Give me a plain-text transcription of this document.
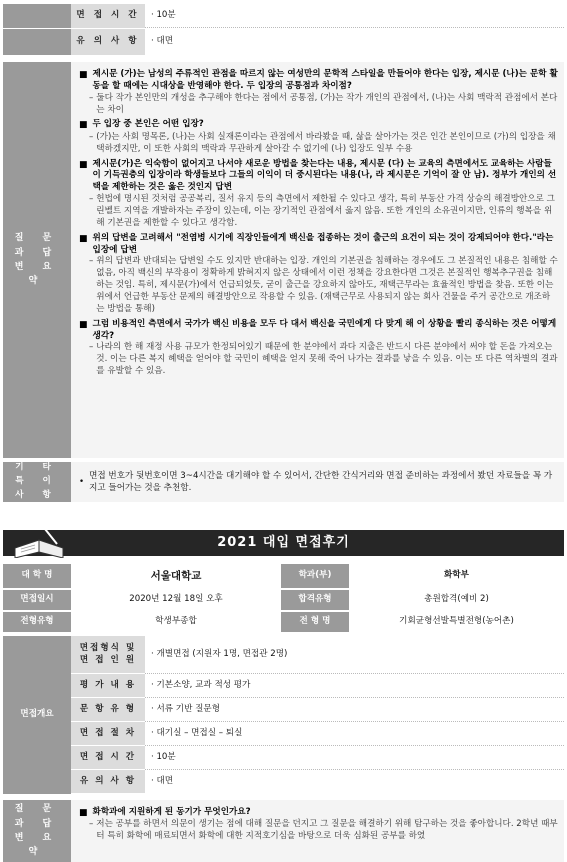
면 접 시 간	· 10분
유 의 사 항	· 대면
질 문 과 답 변 요 약
■ 제시문 (가)는 남성의 주류적인 관점을 따르지 않는 여성만의 문학적 스타일을 만들어야 한다는 입장, 제시문 (나)는 문학 활동을 할 때에는 시대상을 반영해야 한다. 두 입장의 공통점과 차이점?
– 둘다 작가 본인만의 개성을 추구해야 한다는 점에서 공통점, (가)는 작가 개인의 관점에서, (나)는 사회 맥락적 관점에서 본다는 차이
■ 두 입장 중 본인은 어떤 입장?
– (가)는 사회 명목론, (나)는 사회 실재론이라는 관점에서 바라봤을 때, 삶을 살아가는 것은 인간 본인이므로 (가)의 입장을 채택하겠지만, 이 또한 사회의 맥락과 무관하게 살아갈 수 없기에 (나) 입장도 일부 수용
■ 제시문(가)은 익숙함이 없어지고 나서야 새로운 방법을 찾는다는 내용, 제시문 (다) 는 교육의 측면에서도 교육하는 사람들이 기득권층의 입장이라 학생들보다 그들의 이익이 더 중시된다는 내용(나, 라 제시문은 기억이 잘 안 남). 정부가 개인의 선택을 제한하는 것은 옳은 것인지 답변
– 헌법에 명시된 것처럼 공공복리, 질서 유지 등의 측면에서 제한될 수 있다고 생각, 특히 부동산 가격 상승의 해결방안으로 그린벨트 지역을 개발하자는 주장이 있는데, 이는 장기적인 관점에서 옳지 않음. 또한 개인의 소유권이지만, 인류의 행복을 위해 기본권을 제한할 수 있다고 생각함.
■ 위의 답변을 고려해서 "전염병 시기에 직장인들에게 백신을 접종하는 것이 출근의 요건이 되는 것이 강제되어야 한다."라는 입장에 답변
– 위의 답변과 반대되는 답변일 수도 있지만 반대하는 입장. 개인의 기본권을 침해하는 경우에도 그 본질적인 내용은 침해할 수 없음, 아직 백신의 부작용이 정확하게 밝혀지지 않은 상태에서 이런 정책을 강요한다면 그것은 본질적인 행복추구권을 침해하는 것임. 특히, 제시문(가)에서 언급되었듯, 굳이 출근을 강요하지 않아도, 재택근무라는 효율적인 방법을 찾음. 또한 이는 위에서 언급한 부동산 문제의 해결방안으로 작용할 수 있음. (재택근무로 사용되지 않는 회사 건물을 주거 공간으로 개조하는 방법을 통해)
■ 그럼 비용적인 측면에서 국가가 백신 비용을 모두 다 대서 백신을 국민에게 다 맞게 해 이 상황을 빨리 종식하는 것은 어떻게 생각?
– 나라의 한 해 재정 사용 규모가 한정되어있기 때문에 한 분야에서 과다 지출은 반드시 다른 분야에서 써야 할 돈을 가져오는 것. 이는 다른 복지 혜택을 얻어야 할 국민이 혜택을 얻지 못해 죽어 나가는 결과를 낳을 수 있음. 이는 또 다른 역차별의 결과를 유발할 수 있음.
기 타 특 이 사 항
•
면접 번호가 뒷번호이면 3~4시간을 대기해야 할 수 있어서, 간단한 간식거리와 면접 준비하는 과정에서 봤던 자료들을 꼭 가지고 들어가는 것을 추천함.
2021 대입 면접후기
대 학 명	서울대학교	학과(부)	화학부
면접일시	2020년 12월 18일 오후	합격유형	총원합격(예비 2)
전형유형	학생부종합	전 형 명	기회균형선발특별전형(농어촌)
면접개요
면접형식 및
면 접 인 원
· 개별면접 (지원자 1명, 면접관 2명)
평 가 내 용	· 기본소양, 교과 적성 평가
문 항 유 형	· 서류 기반 질문형
면 접 절 차	· 대기실 – 면접실 – 퇴실
면 접 시 간	· 10분
유 의 사 항	· 대면
질 문 과 답 변 요 약
■ 화학과에 지원하게 된 동기가 무엇인가요?
– 저는 공부를 하면서 의문이 생기는 점에 대해 질문을 던지고 그 질문을 해결하기 위해 탐구하는 것을 좋아합니다. 2학년 때부터 특히 화학에 매료되면서 화학에 대한 지적호기심을 바탕으로 더욱 심화된 공부를 하였
